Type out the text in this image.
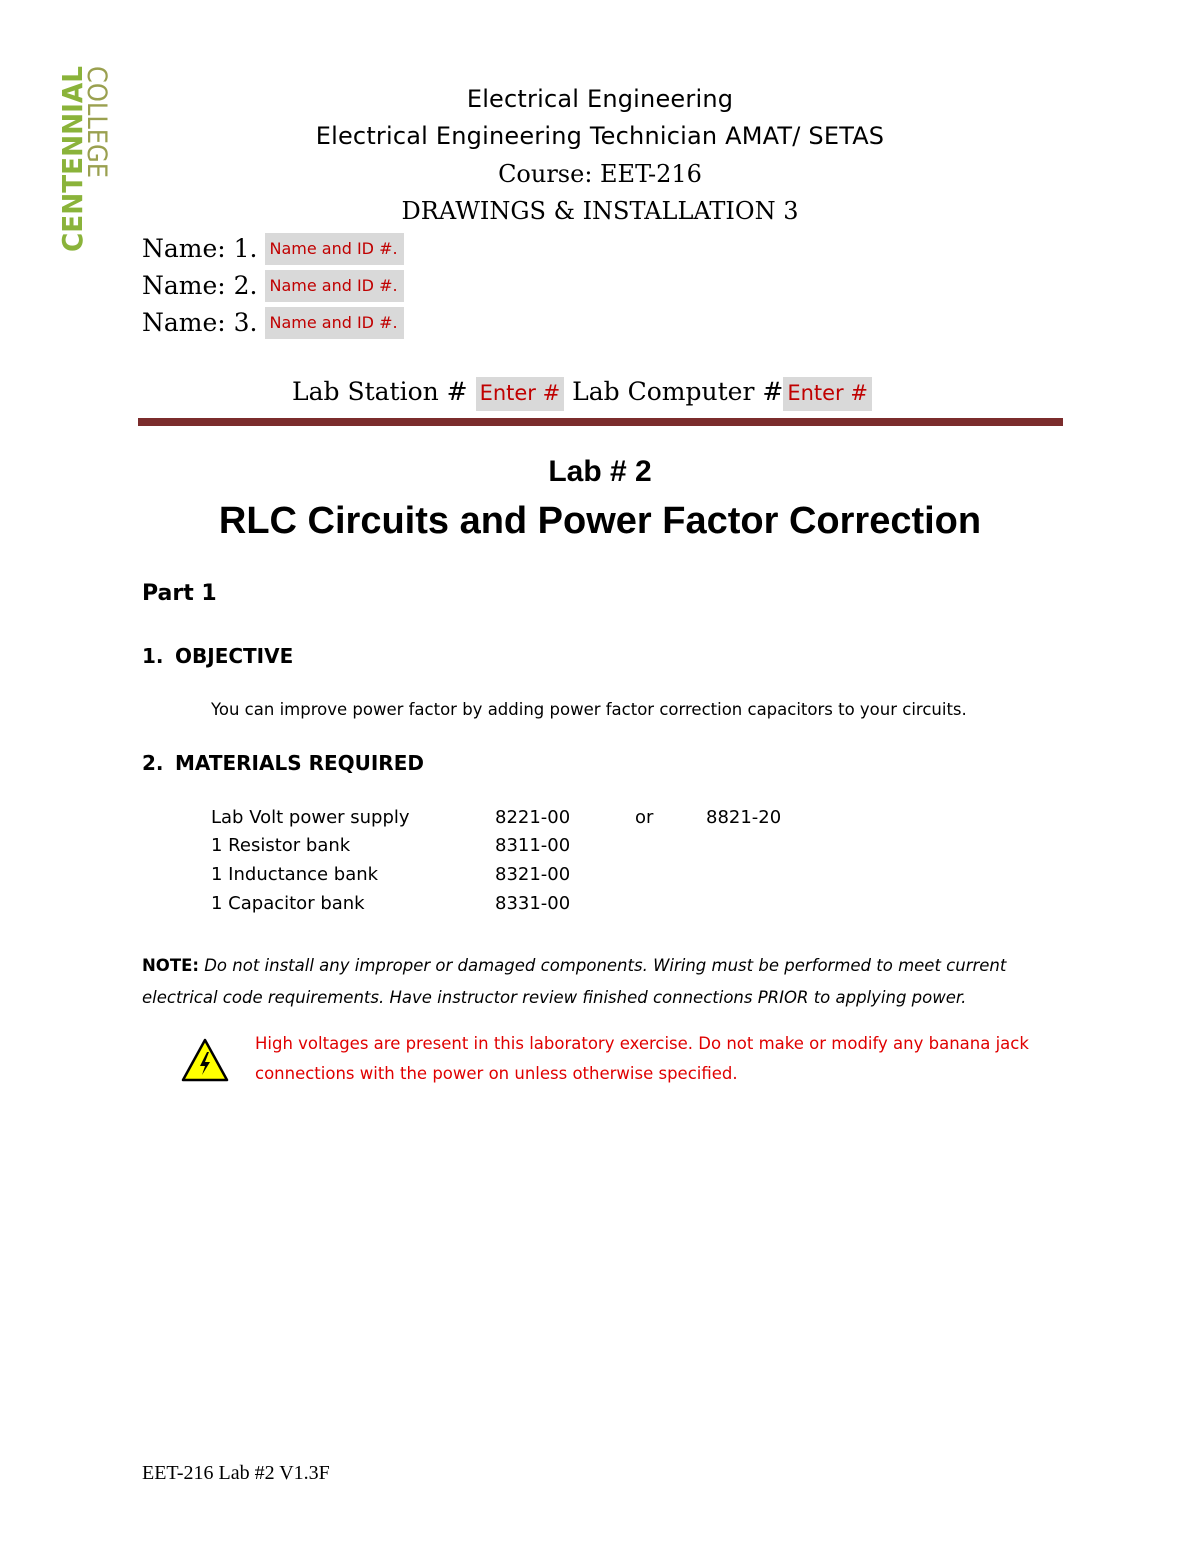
CENTENNIAL
COLLEGE	Electrical Engineering
Electrical Engineering Technician AMAT/ SETAS
Course: EET-216
DRAWINGS & INSTALLATION 3
Name: 1. Name and ID #.
Name: 2. Name and ID #.
Name: 3. Name and ID #.
Lab Station # Enter # Lab Computer # Enter #
Lab # 2
RLC Circuits and Power Factor Correction
Part 1
1. OBJECTIVE
You can improve power factor by adding power factor correction capacitors to your circuits.
2. MATERIALS REQUIRED
Lab Volt power supply	8221-00	or	8821-20
1 Resistor bank	8311-00
1 Inductance bank	8321-00
1 Capacitor bank	8331-00
NOTE: Do not install any improper or damaged components. Wiring must be performed to meet current electrical code requirements. Have instructor review finished connections PRIOR to applying power.
High voltages are present in this laboratory exercise. Do not make or modify any banana jack connections with the power on unless otherwise specified.
EET-216 Lab #2 V1.3F
